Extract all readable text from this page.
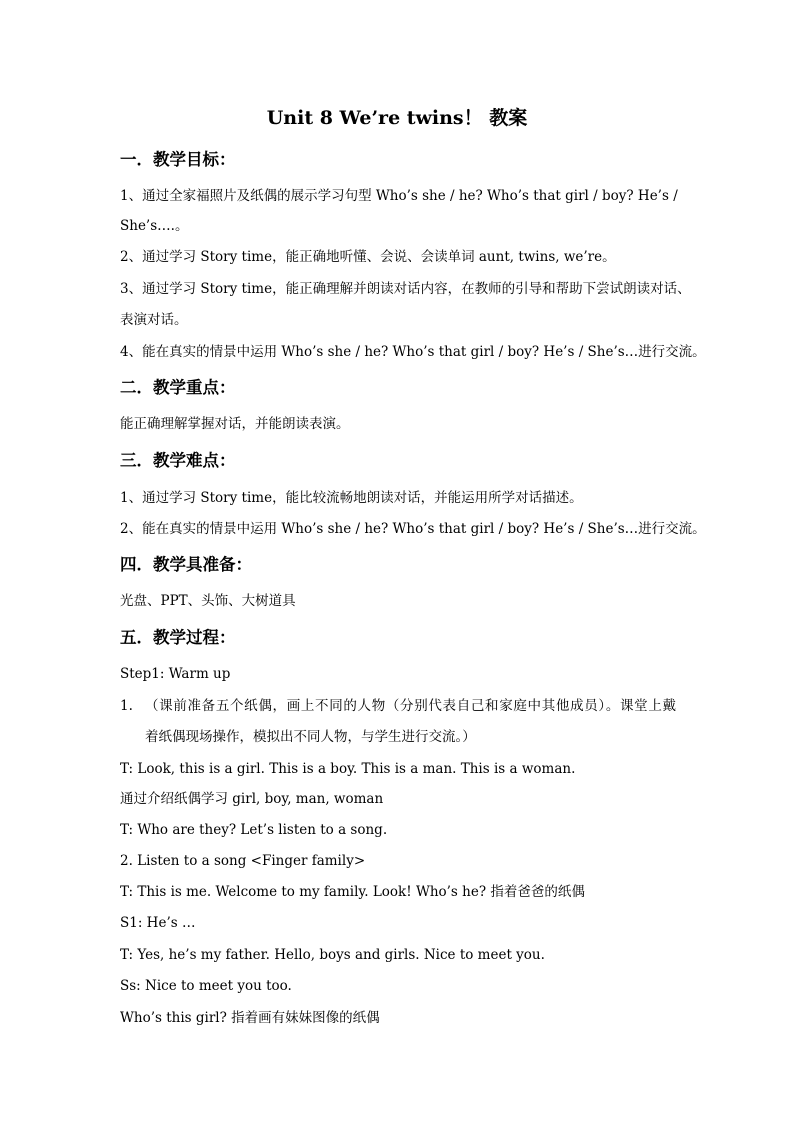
Unit 8 We’re twins！ 教案
一．教学目标：
1、通过全家福照片及纸偶的展示学习句型 Who’s she / he? Who’s that girl / boy? He’s /
She’s….。
2、通过学习 Story time，能正确地听懂、会说、会读单词 aunt, twins, we’re。
3、通过学习 Story time，能正确理解并朗读对话内容，在教师的引导和帮助下尝试朗读对话、
表演对话。
4、能在真实的情景中运用 Who’s she / he? Who’s that girl / boy? He’s / She’s…进行交流。
二．教学重点：
能正确理解掌握对话，并能朗读表演。
三．教学难点：
1、通过学习 Story time，能比较流畅地朗读对话，并能运用所学对话描述。
2、能在真实的情景中运用 Who’s she / he? Who’s that girl / boy? He’s / She’s…进行交流。
四．教学具准备：
光盘、PPT、头饰、大树道具
五．教学过程：
Step1: Warm up
1. （课前准备五个纸偶，画上不同的人物（分别代表自己和家庭中其他成员）。课堂上戴
着纸偶现场操作，模拟出不同人物，与学生进行交流。）
T: Look, this is a girl. This is a boy. This is a man. This is a woman.
通过介绍纸偶学习 girl, boy, man, woman
T: Who are they? Let’s listen to a song.
2. Listen to a song <Finger family>
T: This is me. Welcome to my family. Look! Who’s he? 指着爸爸的纸偶
S1: He’s …
T: Yes, he’s my father. Hello, boys and girls. Nice to meet you.
Ss: Nice to meet you too.
Who’s this girl? 指着画有妹妹图像的纸偶
